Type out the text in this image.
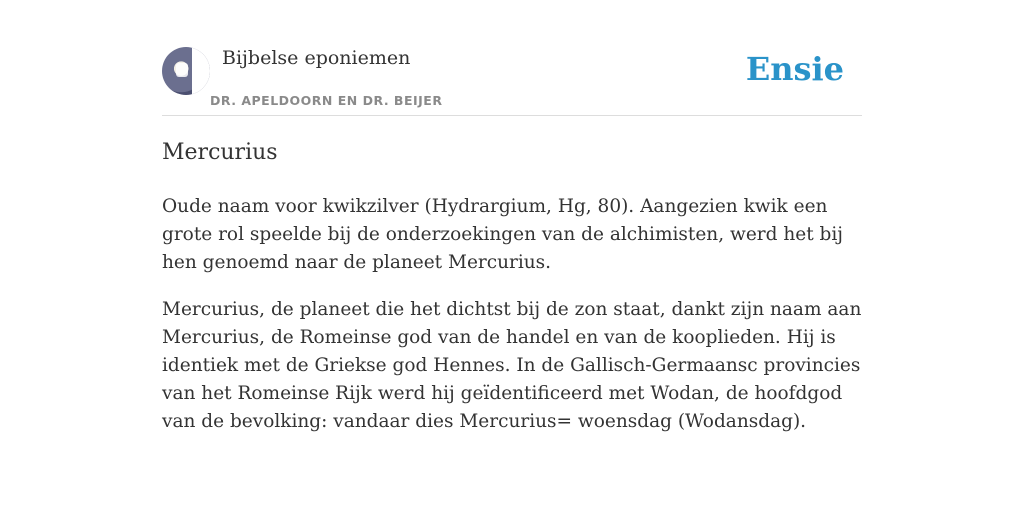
Bijbelse eponiemen
DR. APELDOORN EN DR. BEIJER
Ensie
Mercurius

Oude naam voor kwikzilver (Hydrargium, Hg, 80). Aangezien kwik een grote rol speelde bij de onderzoekingen van de alchimisten, werd het bij hen genoemd naar de planeet Mercurius.

Mercurius, de planeet die het dichtst bij de zon staat, dankt zijn naam aan Mercurius, de Romeinse god van de handel en van de kooplieden. Hij is identiek met de Griekse god Hennes. In de Gallisch-Germaansc provincies van het Romeinse Rijk werd hij geïdentificeerd met Wodan, de hoofdgod van de bevolking: vandaar dies Mercurius= woensdag (Wodansdag).
